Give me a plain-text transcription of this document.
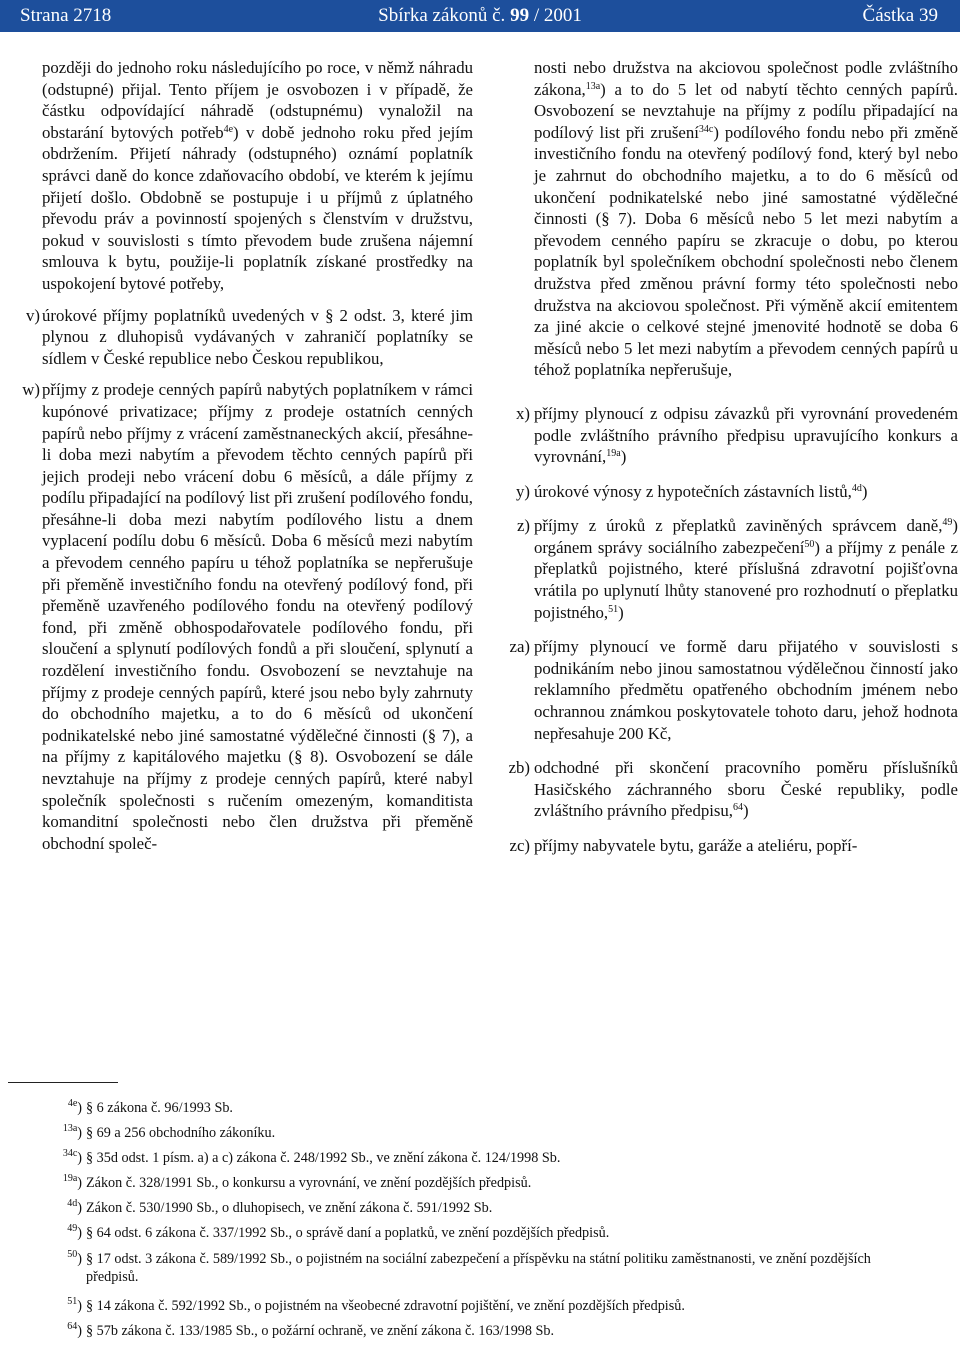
Strana 2718	Sbírka zákonů č. 99 / 2001	Částka 39

později do jednoho roku následujícího po roce, v němž náhradu (odstupné) přijal. Tento příjem je osvobozen i v případě, že částku odpovídající náhradě (odstupnému) vynaložil na obstarání bytových potřeb$^{4e}$) v době jednoho roku před jejím obdržením. Přijetí náhrady (odstupného) oznámí poplatník správci daně do konce zdaňovacího období, ve kterém k jejímu přijetí došlo. Obdobně se postupuje i u příjmů z úplatného převodu práv a povinností spojených s členstvím v družstvu, pokud v souvislosti s tímto převodem bude zrušena nájemní smlouva k bytu, použije-li poplatník získané prostředky na uspokojení bytové potřeby,

v) úrokové příjmy poplatníků uvedených v § 2 odst. 3, které jim plynou z dluhopisů vydávaných v zahraničí poplatníky se sídlem v České republice nebo Českou republikou,
w) příjmy z prodeje cenných papírů nabytých poplatníkem v rámci kupónové privatizace; příjmy z prodeje ostatních cenných papírů nebo příjmy z vrácení zaměstnaneckých akcií, přesáhne-li doba mezi nabytím a převodem těchto cenných papírů při jejich prodeji nebo vrácení dobu 6 měsíců, a dále příjmy z podílu připadající na podílový list při zrušení podílového fondu, přesáhne-li doba mezi nabytím podílového listu a dnem vyplacení podílu dobu 6 měsíců. Doba 6 měsíců mezi nabytím a převodem cenného papíru u téhož poplatníka se nepřerušuje při přeměně investičního fondu na otevřený podílový fond, při přeměně uzavřeného podílového fondu na otevřený podílový fond, při změně obhospodařovatele podílového fondu, při sloučení a splynutí podílových fondů a při sloučení, splynutí a rozdělení investičního fondu. Osvobození se nevztahuje na příjmy z prodeje cenných papírů, které jsou nebo byly zahrnuty do obchodního majetku, a to do 6 měsíců od ukončení podnikatelské nebo jiné samostatné výdělečné činnosti (§ 7), a na příjmy z kapitálového majetku (§ 8). Osvobození se dále nevztahuje na příjmy z prodeje cenných papírů, které nabyl společník společnosti s ručením omezeným, komanditista komanditní společnosti nebo člen družstva při přeměně obchodní společ-

nosti nebo družstva na akciovou společnost podle zvláštního zákona,$^{13a}$) a to do 5 let od nabytí těchto cenných papírů. Osvobození se nevztahuje na příjmy z podílu připadající na podílový list při zrušení$^{34c}$) podílového fondu nebo při změně investičního fondu na otevřený podílový fond, který byl nebo je zahrnut do obchodního majetku, a to do 6 měsíců od ukončení podnikatelské nebo jiné samostatné výdělečné činnosti (§ 7). Doba 6 měsíců nebo 5 let mezi nabytím a převodem cenného papíru se zkracuje o dobu, po kterou poplatník byl společníkem obchodní společnosti nebo členem družstva před změnou právní formy této společnosti nebo družstva na akciovou společnost. Při výměně akcií emitentem za jiné akcie o celkové stejné jmenovité hodnotě se doba 6 měsíců nebo 5 let mezi nabytím a převodem cenných papírů u téhož poplatníka nepřerušuje,

x) příjmy plynoucí z odpisu závazků při vyrovnání provedeném podle zvláštního právního předpisu upravujícího konkurs a vyrovnání,$^{19a}$)
y) úrokové výnosy z hypotečních zástavních listů,$^{4d}$)
z) příjmy z úroků z přeplatků zaviněných správcem daně,$^{49}$) orgánem správy sociálního zabezpečení$^{50}$) a příjmy z penále z přeplatků pojistného, které příslušná zdravotní pojišťovna vrátila po uplynutí lhůty stanovené pro rozhodnutí o přeplatku pojistného,$^{51}$)
za) příjmy plynoucí ve formě daru přijatého v souvislosti s podnikáním nebo jinou samostatnou výdělečnou činností jako reklamního předmětu opatřeného obchodním jménem nebo ochrannou známkou poskytovatele tohoto daru, jehož hodnota nepřesahuje 200 Kč,
zb) odchodné při skončení pracovního poměru příslušníků Hasičského záchranného sboru České republiky, podle zvláštního právního předpisu,$^{64}$)
zc) příjmy nabyvatele bytu, garáže a ateliéru, popří-
$^{4e}$) § 6 zákona č. 96/1993 Sb.
$^{13a}$) § 69 a 256 obchodního zákoníku.
$^{34c}$) § 35d odst. 1 písm. a) a c) zákona č. 248/1992 Sb., ve znění zákona č. 124/1998 Sb.
$^{19a}$) Zákon č. 328/1991 Sb., o konkursu a vyrovnání, ve znění pozdějších předpisů.
$^{4d}$) Zákon č. 530/1990 Sb., o dluhopisech, ve znění zákona č. 591/1992 Sb.
$^{49}$) § 64 odst. 6 zákona č. 337/1992 Sb., o správě daní a poplatků, ve znění pozdějších předpisů.
$^{50}$) § 17 odst. 3 zákona č. 589/1992 Sb., o pojistném na sociální zabezpečení a příspěvku na státní politiku zaměstnanosti, ve znění pozdějších předpisů.
$^{51}$) § 14 zákona č. 592/1992 Sb., o pojistném na všeobecné zdravotní pojištění, ve znění pozdějších předpisů.
$^{64}$) § 57b zákona č. 133/1985 Sb., o požární ochraně, ve znění zákona č. 163/1998 Sb.
